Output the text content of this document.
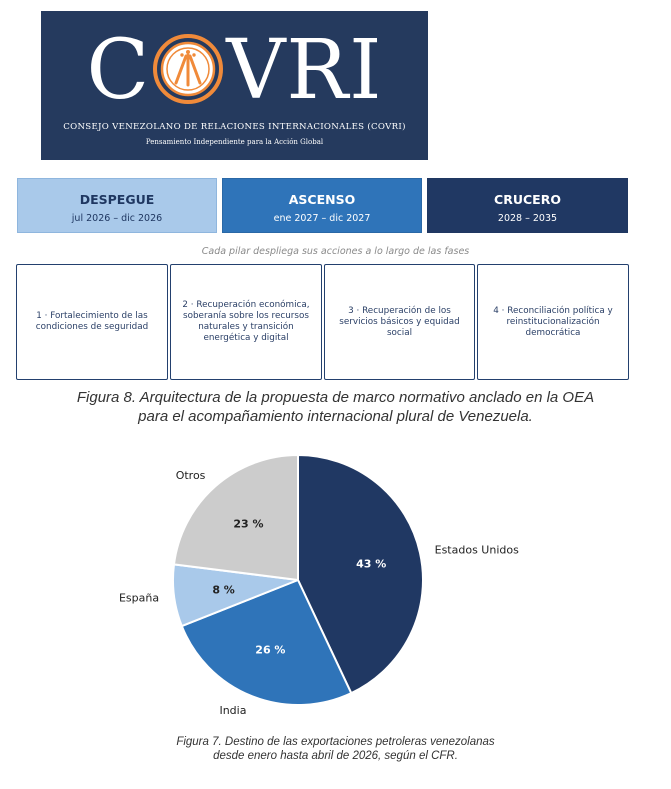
C VRI
CONSEJO VENEZOLANO DE RELACIONES INTERNACIONALES (COVRI)
Pensamiento Independiente para la Acción Global
DESPEGUE
jul 2026 – dic 2026
ASCENSO
ene 2027 – dic 2027
CRUCERO
2028 – 2035
Cada pilar despliega sus acciones a lo largo de las fases
1 · Fortalecimiento de las condiciones de seguridad
2 · Recuperación económica, soberanía sobre los recursos naturales y transición energética y digital
3 · Recuperación de los servicios básicos y equidad social
4 · Reconciliación política y reinstitucionalización democrática
Figura 8. Arquitectura de la propuesta de marco normativo anclado en la OEA
para el acompañamiento internacional plural de Venezuela.
43 %
Estados Unidos
26 %
India
8 %
España
23 %
Otros
Figura 7. Destino de las exportaciones petroleras venezolanas
desde enero hasta abril de 2026, según el CFR.
